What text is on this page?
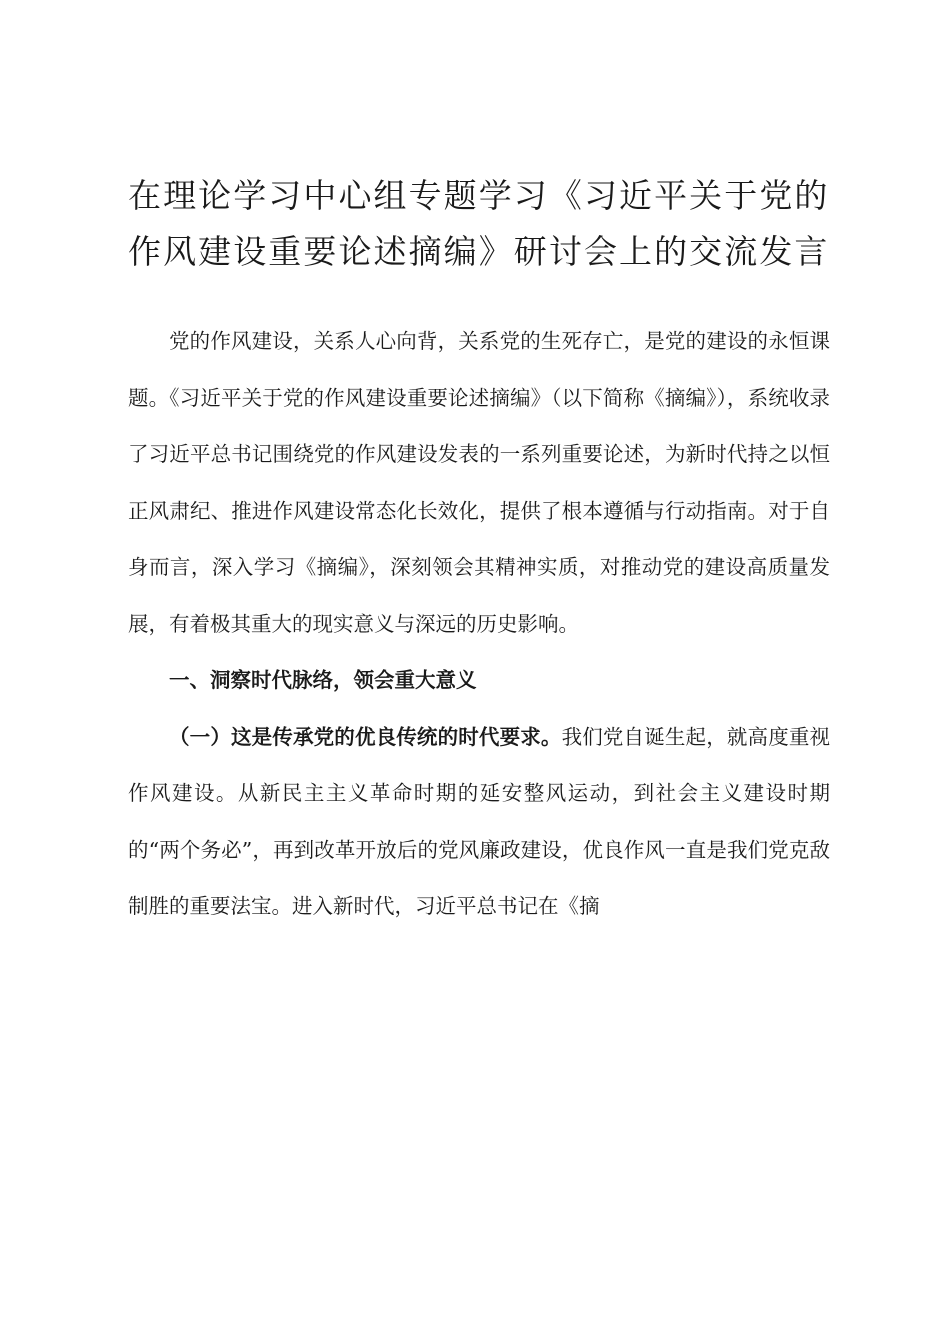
在理论学习中心组专题学习《习近平关于党的
作风建设重要论述摘编》研讨会上的交流发言

党的作风建设，关系人心向背，关系党的生死存亡，是党的建设的永恒课题。《习近平关于党的作风建设重要论述摘编》（以下简称《摘编》），系统收录了习近平总书记围绕党的作风建设发表的一系列重要论述，为新时代持之以恒正风肃纪、推进作风建设常态化长效化，提供了根本遵循与行动指南。对于自身而言，深入学习《摘编》，深刻领会其精神实质，对推动党的建设高质量发展，有着极其重大的现实意义与深远的历史影响。

一、洞察时代脉络，领会重大意义

（一）这是传承党的优良传统的时代要求。我们党自诞生起，就高度重视作风建设。从新民主主义革命时期的延安整风运动，到社会主义建设时期的“两个务必”，再到改革开放后的党风廉政建设，优良作风一直是我们党克敌制胜的重要法宝。进入新时代，习近平总书记在《摘
